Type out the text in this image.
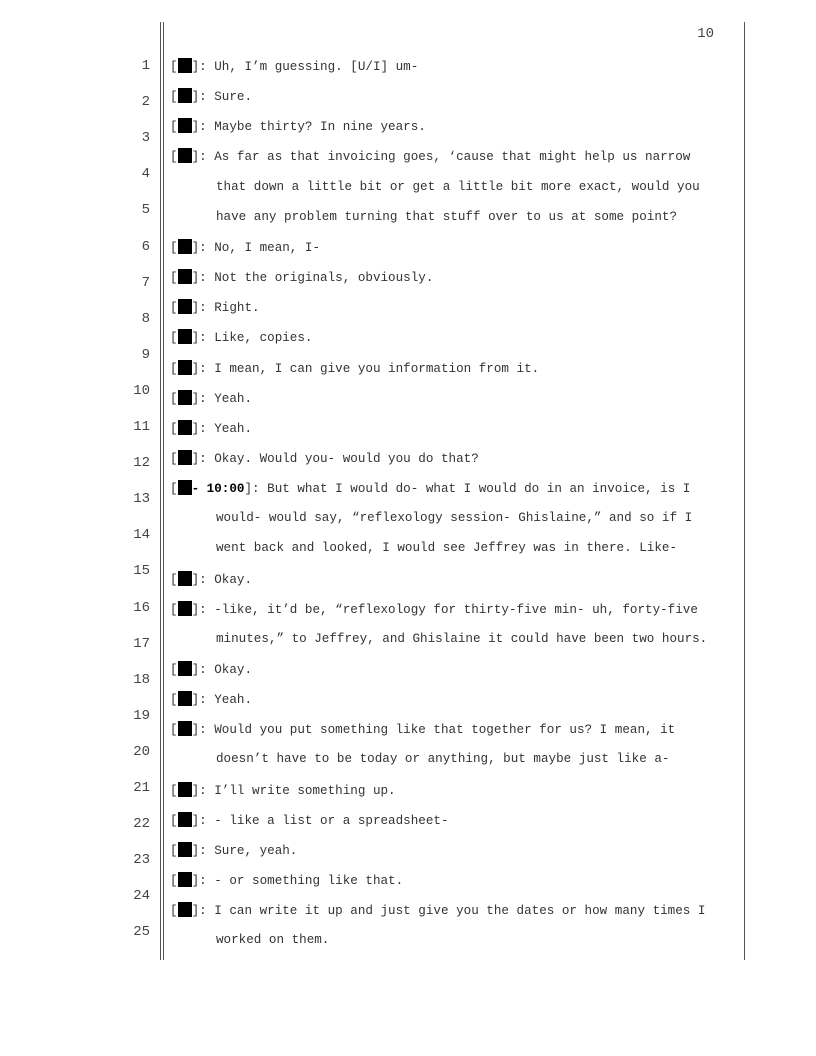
10
1
2
3
4
5
6
7
8
9
10
11
12
13
14
15
16
17
18
19
20
21
22
23
24
25
[ ]: Uh, I’m guessing. [U/I] um-
[ ]: Sure.
[ ]: Maybe thirty? In nine years.
[ ]: As far as that invoicing goes, ‘cause that might help us narrow
that down a little bit or get a little bit more exact, would you
have any problem turning that stuff over to us at some point?
[ ]: No, I mean, I-
[ ]: Not the originals, obviously.
[ ]: Right.
[ ]: Like, copies.
[ ]: I mean, I can give you information from it.
[ ]: Yeah.
[ ]: Yeah.
[ ]: Okay. Would you- would you do that?
[ - 10:00]: But what I would do- what I would do in an invoice, is I
would- would say, “reflexology session- Ghislaine,” and so if I
went back and looked, I would see Jeffrey was in there. Like-
[ ]: Okay.
[ ]: -like, it’d be, “reflexology for thirty-five min- uh, forty-five
minutes,” to Jeffrey, and Ghislaine it could have been two hours.
[ ]: Okay.
[ ]: Yeah.
[ ]: Would you put something like that together for us? I mean, it
doesn’t have to be today or anything, but maybe just like a-
[ ]: I’ll write something up.
[ ]: - like a list or a spreadsheet-
[ ]: Sure, yeah.
[ ]: - or something like that.
[ ]: I can write it up and just give you the dates or how many times I
worked on them.
